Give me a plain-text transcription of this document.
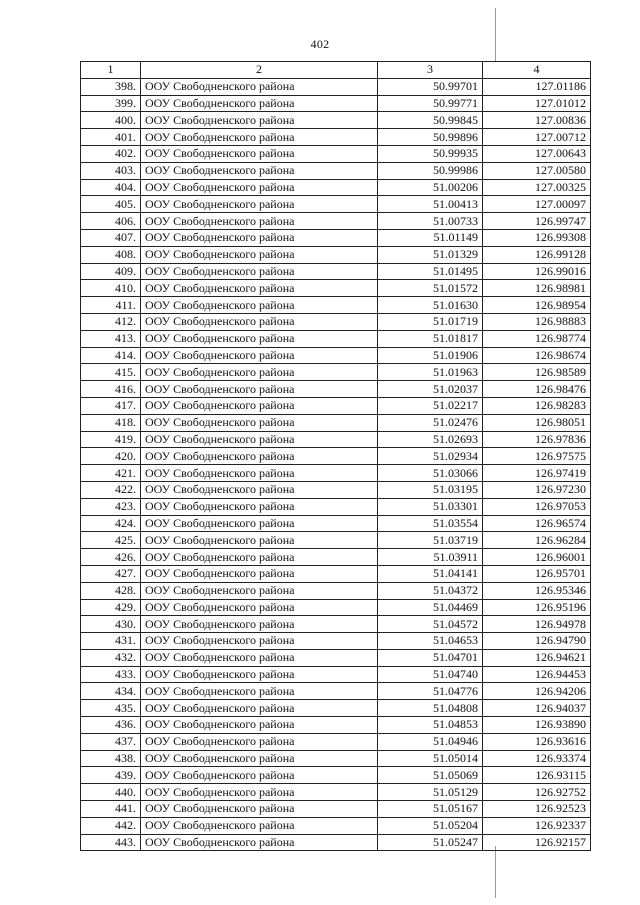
402
1	2	3	4
398.	ООУ Свободненского района	50.99701	127.01186
399.	ООУ Свободненского района	50.99771	127.01012
400.	ООУ Свободненского района	50.99845	127.00836
401.	ООУ Свободненского района	50.99896	127.00712
402.	ООУ Свободненского района	50.99935	127.00643
403.	ООУ Свободненского района	50.99986	127.00580
404.	ООУ Свободненского района	51.00206	127.00325
405.	ООУ Свободненского района	51.00413	127.00097
406.	ООУ Свободненского района	51.00733	126.99747
407.	ООУ Свободненского района	51.01149	126.99308
408.	ООУ Свободненского района	51.01329	126.99128
409.	ООУ Свободненского района	51.01495	126.99016
410.	ООУ Свободненского района	51.01572	126.98981
411.	ООУ Свободненского района	51.01630	126.98954
412.	ООУ Свободненского района	51.01719	126.98883
413.	ООУ Свободненского района	51.01817	126.98774
414.	ООУ Свободненского района	51.01906	126.98674
415.	ООУ Свободненского района	51.01963	126.98589
416.	ООУ Свободненского района	51.02037	126.98476
417.	ООУ Свободненского района	51.02217	126.98283
418.	ООУ Свободненского района	51.02476	126.98051
419.	ООУ Свободненского района	51.02693	126.97836
420.	ООУ Свободненского района	51.02934	126.97575
421.	ООУ Свободненского района	51.03066	126.97419
422.	ООУ Свободненского района	51.03195	126.97230
423.	ООУ Свободненского района	51.03301	126.97053
424.	ООУ Свободненского района	51.03554	126.96574
425.	ООУ Свободненского района	51.03719	126.96284
426.	ООУ Свободненского района	51.03911	126.96001
427.	ООУ Свободненского района	51.04141	126.95701
428.	ООУ Свободненского района	51.04372	126.95346
429.	ООУ Свободненского района	51.04469	126.95196
430.	ООУ Свободненского района	51.04572	126.94978
431.	ООУ Свободненского района	51.04653	126.94790
432.	ООУ Свободненского района	51.04701	126.94621
433.	ООУ Свободненского района	51.04740	126.94453
434.	ООУ Свободненского района	51.04776	126.94206
435.	ООУ Свободненского района	51.04808	126.94037
436.	ООУ Свободненского района	51.04853	126.93890
437.	ООУ Свободненского района	51.04946	126.93616
438.	ООУ Свободненского района	51.05014	126.93374
439.	ООУ Свободненского района	51.05069	126.93115
440.	ООУ Свободненского района	51.05129	126.92752
441.	ООУ Свободненского района	51.05167	126.92523
442.	ООУ Свободненского района	51.05204	126.92337
443.	ООУ Свободненского района	51.05247	126.92157
